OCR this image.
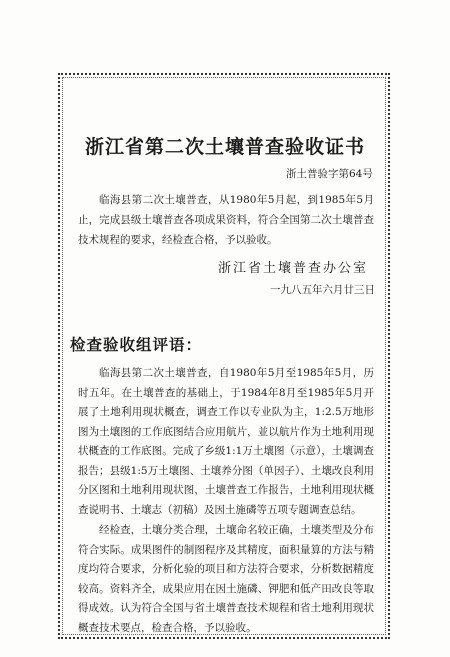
浙江省第二次土壤普查验收证书
浙土普验字第64号
临海县第二次土壤普查，从1980年5月起，到1985年5月止，完成县级土壤普查各项成果资料，符合全国第二次土壤普查技术规程的要求，经检查合格，予以验收。
浙江省土壤普查办公室
一九八五年六月廿三日
检查验收组评语：
临海县第二次土壤普查，自1980年5月至1985年5月，历时五年。在土壤普查的基础上，于1984年8月至1985年5月开展了土地利用现状概查，调查工作以专业队为主，1:2.5万地形图为土壤图的工作底图结合应用航片，並以航片作为土地利用现状概查的工作底图。完成了乡级1:1万土壤图（示意），土壤调查报告；县级1:5万土壤图、土壤养分图（单因子）、土壤改良利用分区图和土地利用现状图，土壤普查工作报告，土地利用现状概查说明书、土壤志（初稿）及因土施磷等五项专题调查总结。
经检查，土壤分类合理，土壤命名较正确，土壤类型及分布符合实际。成果图件的制图程序及其精度，面积量算的方法与精度均符合要求，分析化验的项目和方法符合要求，分析数据精度较高。资料齐全，成果应用在因土施磷、钾肥和低产田改良等取得成效。认为符合全国与省土壤普查技术规程和省土地利用现状概查技术要点，检查合格，予以验收。
